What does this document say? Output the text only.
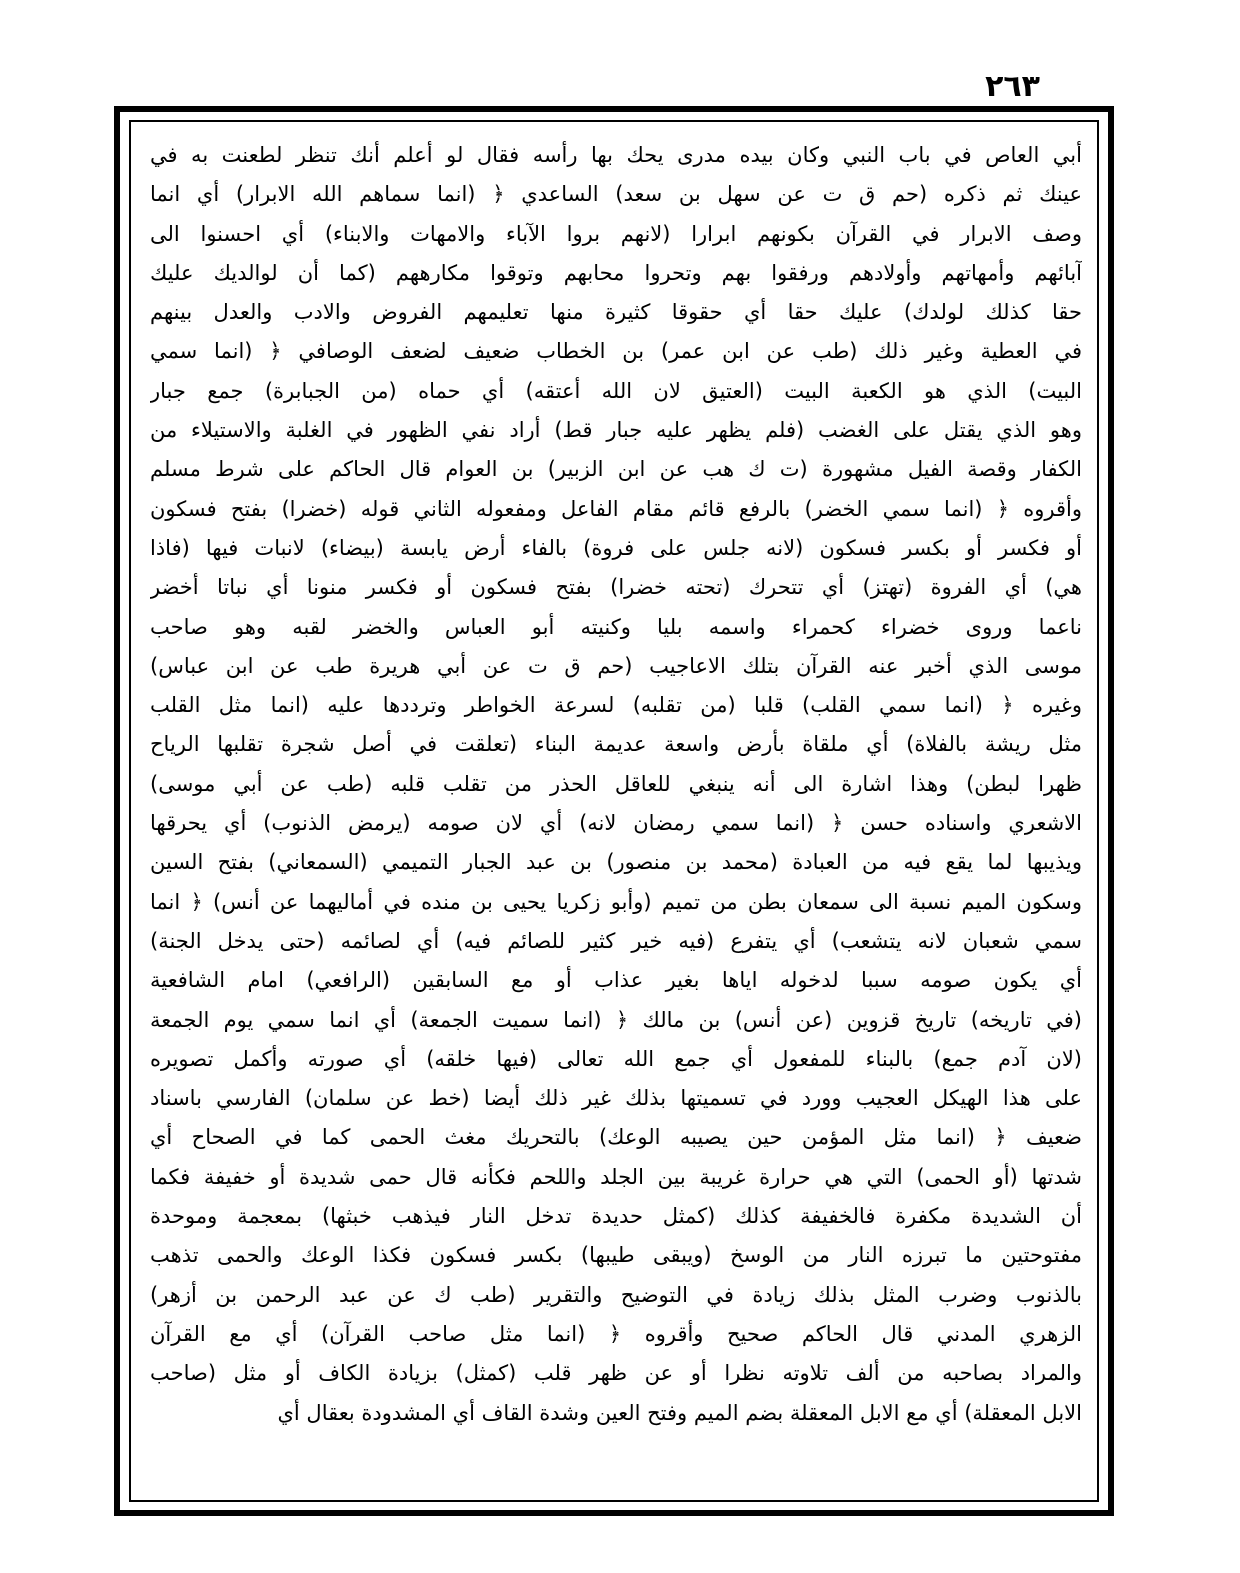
٢٦٣
أبي العاص في باب النبي وكان بيده مدرى يحك بها رأسه فقال لو أعلم أنك تنظر لطعنت به في
عينك ثم ذكره (حم ق ت عن سهل بن سعد) الساعدي ﴿ (انما سماهم الله الابرار) أي انما
وصف الابرار في القرآن بكونهم ابرارا (لانهم بروا الآباء والامهات والابناء) أي احسنوا الى
آبائهم وأمهاتهم وأولادهم ورفقوا بهم وتحروا محابهم وتوقوا مكارههم (كما أن لوالديك عليك
حقا كذلك لولدك) عليك حقا أي حقوقا كثيرة منها تعليمهم الفروض والادب والعدل بينهم
في العطية وغير ذلك (طب عن ابن عمر) بن الخطاب ضعيف لضعف الوصافي ﴿ (انما سمي
البيت) الذي هو الكعبة البيت (العتيق لان الله أعتقه) أي حماه (من الجبابرة) جمع جبار
وهو الذي يقتل على الغضب (فلم يظهر عليه جبار قط) أراد نفي الظهور في الغلبة والاستيلاء من
الكفار وقصة الفيل مشهورة (ت ك هب عن ابن الزبير) بن العوام قال الحاكم على شرط مسلم
وأقروه ﴿ (انما سمي الخضر) بالرفع قائم مقام الفاعل ومفعوله الثاني قوله (خضرا) بفتح فسكون
أو فكسر أو بكسر فسكون (لانه جلس على فروة) بالفاء أرض يابسة (بيضاء) لانبات فيها (فاذا
هي) أي الفروة (تهتز) أي تتحرك (تحته خضرا) بفتح فسكون أو فكسر منونا أي نباتا أخضر
ناعما وروى خضراء كحمراء واسمه بليا وكنيته أبو العباس والخضر لقبه وهو صاحب
موسى الذي أخبر عنه القرآن بتلك الاعاجيب (حم ق ت عن أبي هريرة طب عن ابن عباس)
وغيره ﴿ (انما سمي القلب) قلبا (من تقلبه) لسرعة الخواطر وترددها عليه (انما مثل القلب
مثل ريشة بالفلاة) أي ملقاة بأرض واسعة عديمة البناء (تعلقت في أصل شجرة تقلبها الرياح
ظهرا لبطن) وهذا اشارة الى أنه ينبغي للعاقل الحذر من تقلب قلبه (طب عن أبي موسى)
الاشعري واسناده حسن ﴿ (انما سمي رمضان لانه) أي لان صومه (يرمض الذنوب) أي يحرقها
ويذيبها لما يقع فيه من العبادة (محمد بن منصور) بن عبد الجبار التميمي (السمعاني) بفتح السين
وسكون الميم نسبة الى سمعان بطن من تميم (وأبو زكريا يحيى بن منده في أماليهما عن أنس) ﴿ انما
سمي شعبان لانه يتشعب) أي يتفرع (فيه خير كثير للصائم فيه) أي لصائمه (حتى يدخل الجنة)
أي يكون صومه سببا لدخوله اياها بغير عذاب أو مع السابقين (الرافعي) امام الشافعية
(في تاريخه) تاريخ قزوين (عن أنس) بن مالك ﴿ (انما سميت الجمعة) أي انما سمي يوم الجمعة
(لان آدم جمع) بالبناء للمفعول أي جمع الله تعالى (فيها خلقه) أي صورته وأكمل تصويره
على هذا الهيكل العجيب وورد في تسميتها بذلك غير ذلك أيضا (خط عن سلمان) الفارسي باسناد
ضعيف ﴿ (انما مثل المؤمن حين يصيبه الوعك) بالتحريك مغث الحمى كما في الصحاح أي
شدتها (أو الحمى) التي هي حرارة غريبة بين الجلد واللحم فكأنه قال حمى شديدة أو خفيفة فكما
أن الشديدة مكفرة فالخفيفة كذلك (كمثل حديدة تدخل النار فيذهب خبثها) بمعجمة وموحدة
مفتوحتين ما تبرزه النار من الوسخ (ويبقى طيبها) بكسر فسكون فكذا الوعك والحمى تذهب
بالذنوب وضرب المثل بذلك زيادة في التوضيح والتقرير (طب ك عن عبد الرحمن بن أزهر)
الزهري المدني قال الحاكم صحيح وأقروه ﴿ (انما مثل صاحب القرآن) أي مع القرآن
والمراد بصاحبه من ألف تلاوته نظرا أو عن ظهر قلب (كمثل) بزيادة الكاف أو مثل (صاحب
الابل المعقلة) أي مع الابل المعقلة بضم الميم وفتح العين وشدة القاف أي المشدودة بعقال أي
